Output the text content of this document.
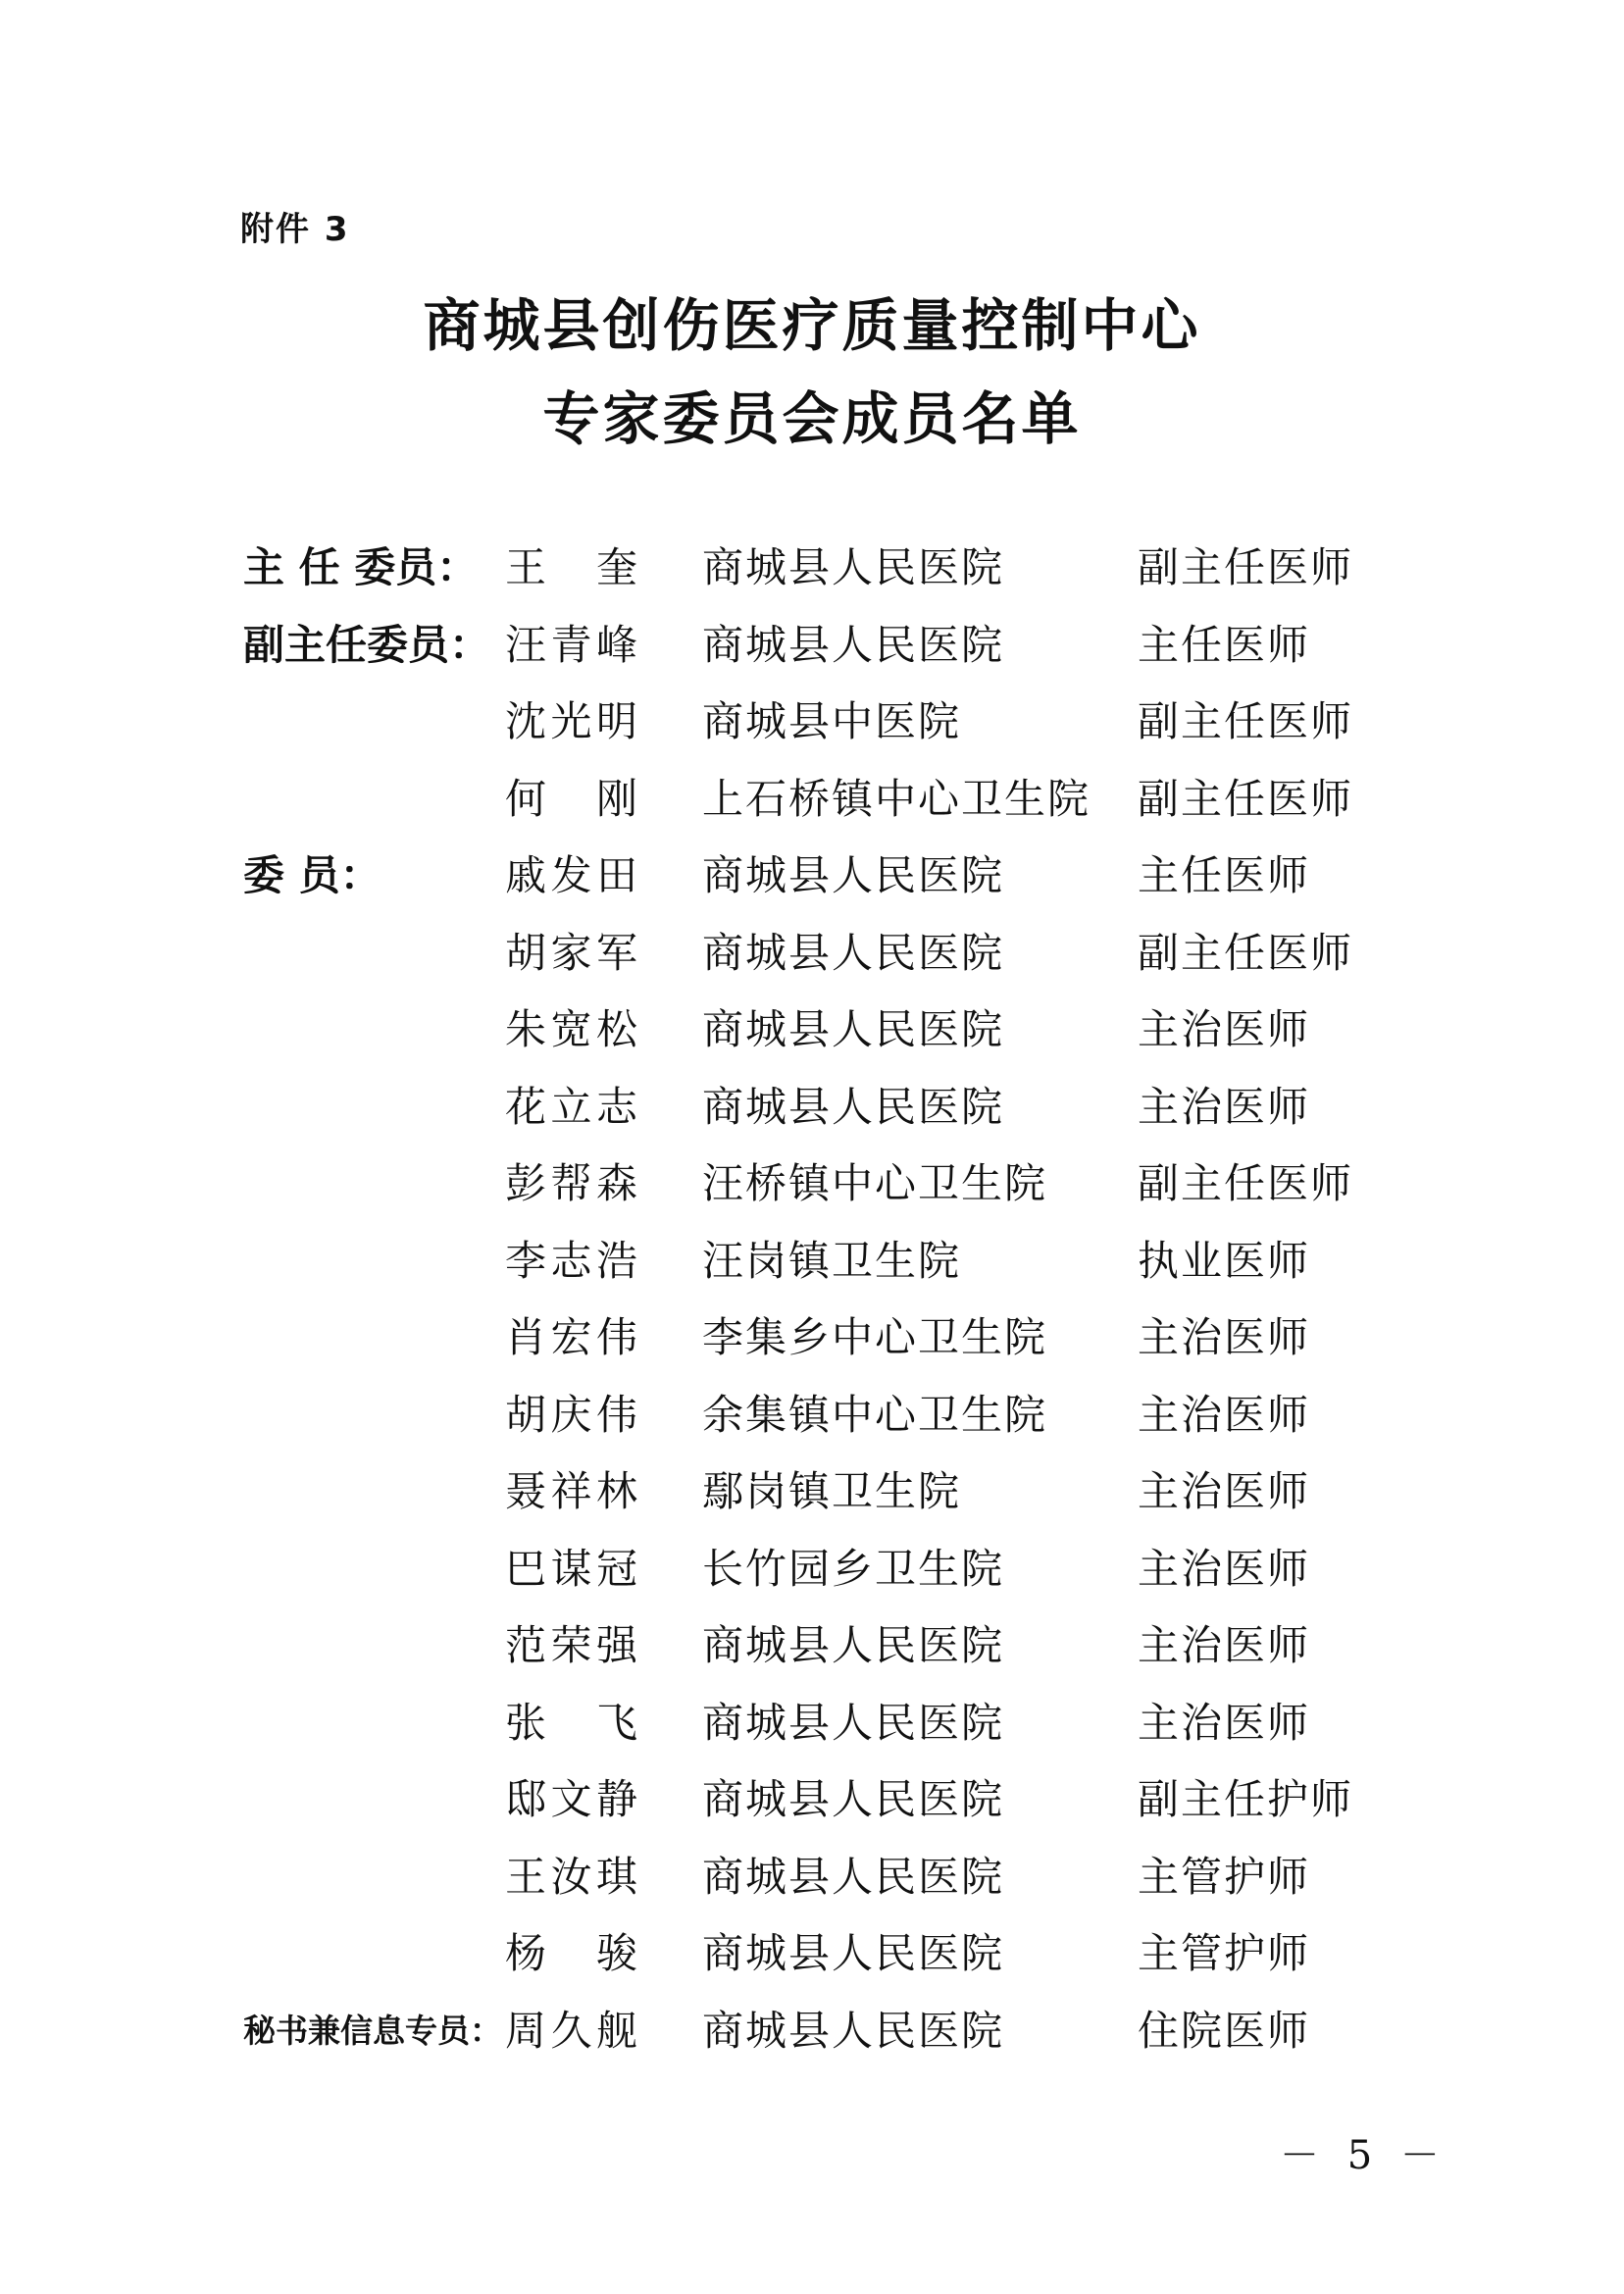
附件 3
商城县创伤医疗质量控制中心
专家委员会成员名单
主 任 委员： 王 奎 商城县人民医院	副主任医师
副主任委员： 汪青峰 商城县人民医院	主任医师
沈光明 商城县中医院	副主任医师
何 刚 上石桥镇中心卫生院 副主任医师
委 员：	戚发田 商城县人民医院	主任医师
胡家军 商城县人民医院	副主任医师
朱宽松 商城县人民医院	主治医师
花立志 商城县人民医院	主治医师
彭帮森 汪桥镇中心卫生院 副主任医师
李志浩 汪岗镇卫生院	执业医师
肖宏伟 李集乡中心卫生院 主治医师
胡庆伟 余集镇中心卫生院 主治医师
聂祥林 鄢岗镇卫生院	主治医师
巴谋冠 长竹园乡卫生院	主治医师
范荣强 商城县人民医院	主治医师
张 飞 商城县人民医院	主治医师
邸文静 商城县人民医院	副主任护师
王汝琪 商城县人民医院	主管护师
杨 骏 商城县人民医院	主管护师
秘书兼信息专员： 周久舰 商城县人民医院	住院医师
－ 5 －
